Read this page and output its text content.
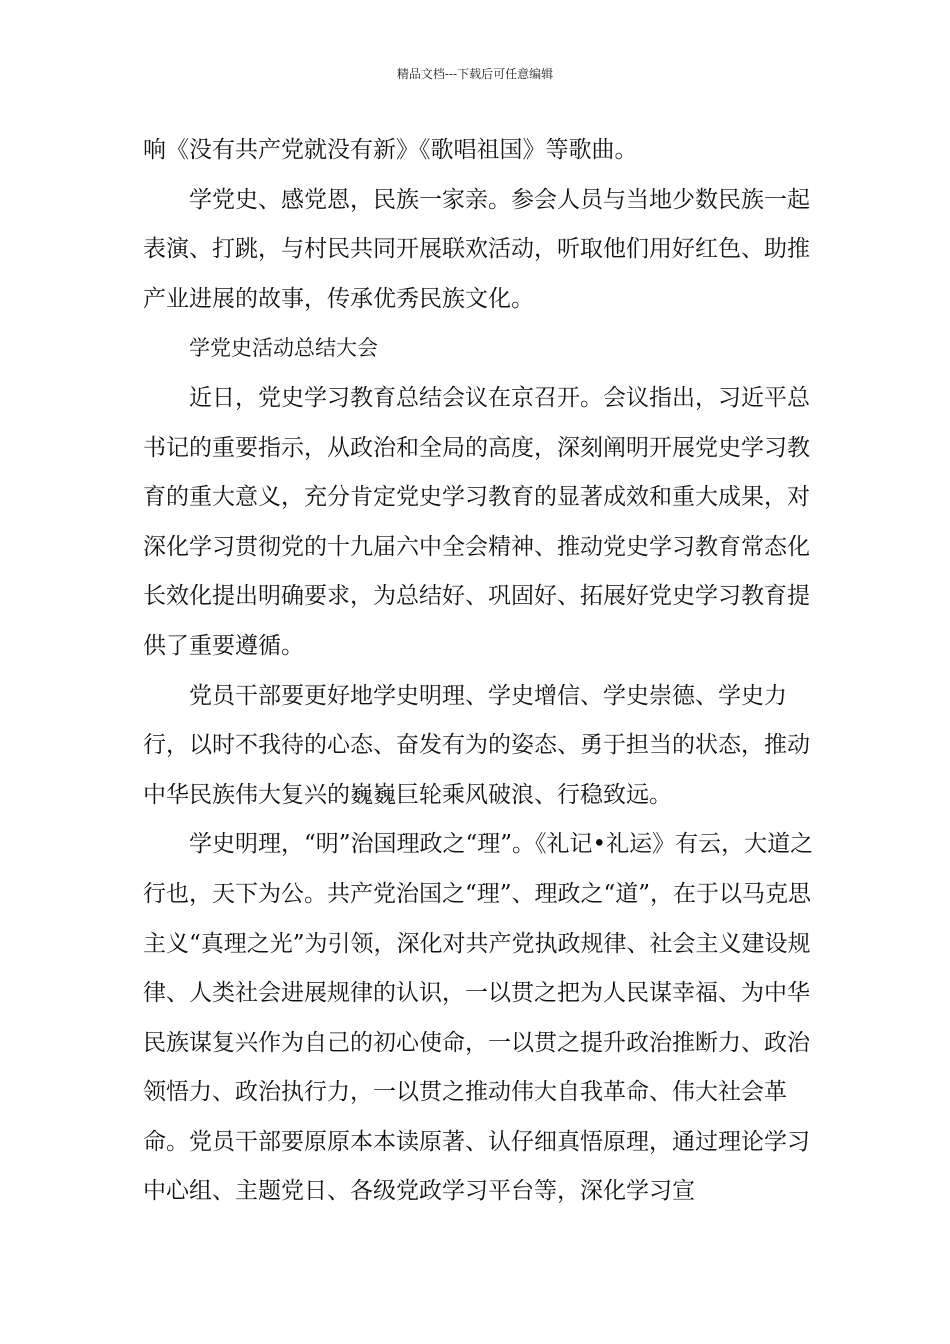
精品文档---下载后可任意编辑

响《没有共产党就没有新》《歌唱祖国》等歌曲。

学党史、感党恩，民族一家亲。参会人员与当地少数民族一起表演、打跳，与村民共同开展联欢活动，听取他们用好红色、助推产业进展的故事，传承优秀民族文化。

学党史活动总结大会

近日，党史学习教育总结会议在京召开。会议指出，习近平总书记的重要指示，从政治和全局的高度，深刻阐明开展党史学习教育的重大意义，充分肯定党史学习教育的显著成效和重大成果，对深化学习贯彻党的十九届六中全会精神、推动党史学习教育常态化长效化提出明确要求，为总结好、巩固好、拓展好党史学习教育提供了重要遵循。

党员干部要更好地学史明理、学史增信、学史崇德、学史力行，以时不我待的心态、奋发有为的姿态、勇于担当的状态，推动中华民族伟大复兴的巍巍巨轮乘风破浪、行稳致远。

学史明理，“明”治国理政之“理”。《礼记•礼运》有云，大道之行也，天下为公。共产党治国之“理”、理政之“道”，在于以马克思主义“真理之光”为引领，深化对共产党执政规律、社会主义建设规律、人类社会进展规律的认识，一以贯之把为人民谋幸福、为中华民族谋复兴作为自己的初心使命，一以贯之提升政治推断力、政治领悟力、政治执行力，一以贯之推动伟大自我革命、伟大社会革命。党员干部要原原本本读原著、认仔细真悟原理，通过理论学习中心组、主题党日、各级党政学习平台等，深化学习宣
